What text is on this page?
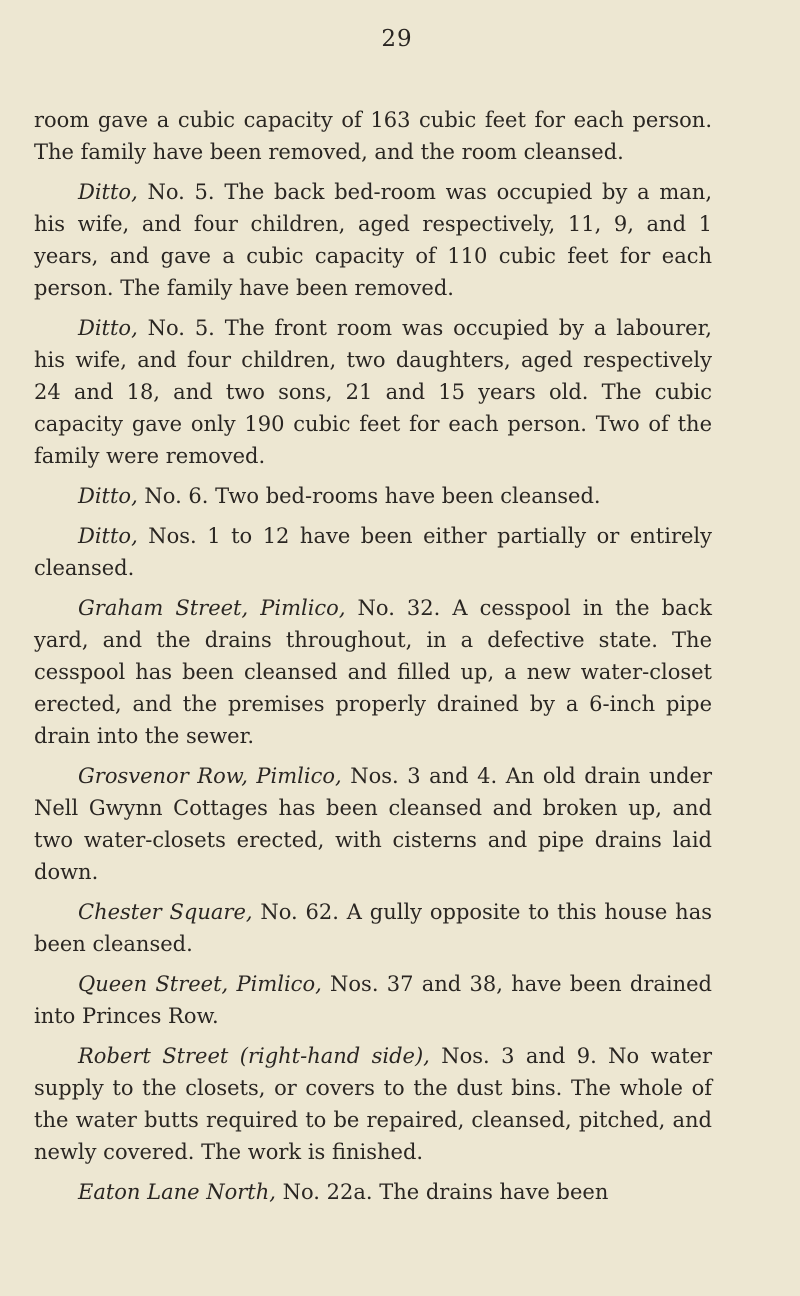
29

room gave a cubic capacity of 163 cubic feet for each person. The family have been removed, and the room cleansed.

Ditto, No. 5. The back bed-room was occupied by a man, his wife, and four children, aged respectively, 11, 9, and 1 years, and gave a cubic capacity of 110 cubic feet for each person. The family have been removed.

Ditto, No. 5. The front room was occupied by a labourer, his wife, and four children, two daughters, aged respectively 24 and 18, and two sons, 21 and 15 years old. The cubic capacity gave only 190 cubic feet for each person. Two of the family were removed.

Ditto, No. 6. Two bed-rooms have been cleansed.

Ditto, Nos. 1 to 12 have been either partially or entirely cleansed.

Graham Street, Pimlico, No. 32. A cesspool in the back yard, and the drains throughout, in a defective state. The cesspool has been cleansed and filled up, a new water-closet erected, and the premises properly drained by a 6-inch pipe drain into the sewer.

Grosvenor Row, Pimlico, Nos. 3 and 4. An old drain under Nell Gwynn Cottages has been cleansed and broken up, and two water-closets erected, with cisterns and pipe drains laid down.

Chester Square, No. 62. A gully opposite to this house has been cleansed.

Queen Street, Pimlico, Nos. 37 and 38, have been drained into Princes Row.

Robert Street (right-hand side), Nos. 3 and 9. No water supply to the closets, or covers to the dust bins. The whole of the water butts required to be repaired, cleansed, pitched, and newly covered. The work is finished.

Eaton Lane North, No. 22a. The drains have been
